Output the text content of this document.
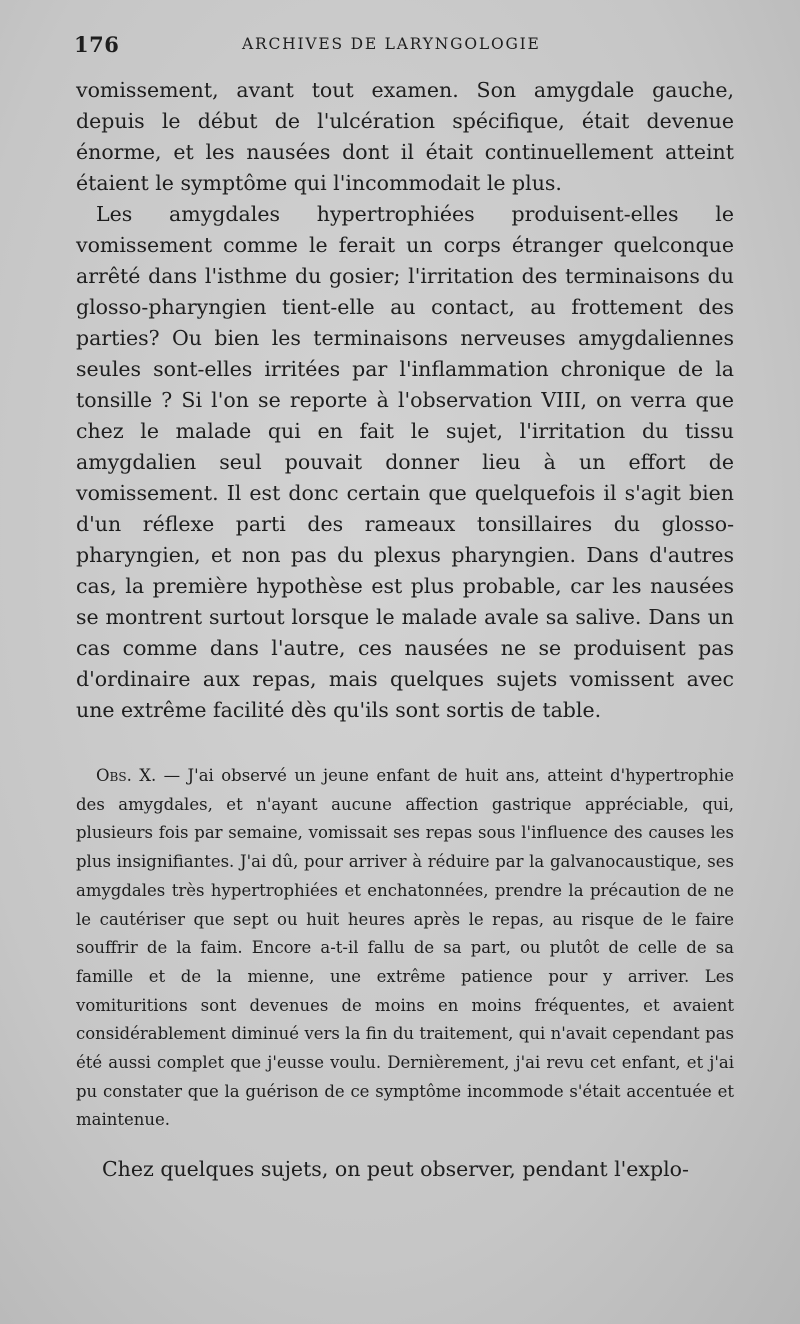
176	ARCHIVES DE LARYNGOLOGIE

vomissement, avant tout examen. Son amygdale gauche, depuis le début de l'ulcération spécifique, était devenue énorme, et les nausées dont il était continuellement atteint étaient le symptôme qui l'incommodait le plus.

Les amygdales hypertrophiées produisent-elles le vomissement comme le ferait un corps étranger quelconque arrêté dans l'isthme du gosier; l'irritation des terminaisons du glosso-pharyngien tient-elle au contact, au frottement des parties? Ou bien les terminaisons nerveuses amygdaliennes seules sont-elles irritées par l'inflammation chronique de la tonsille ? Si l'on se reporte à l'observation VIII, on verra que chez le malade qui en fait le sujet, l'irritation du tissu amygdalien seul pouvait donner lieu à un effort de vomissement. Il est donc certain que quelquefois il s'agit bien d'un réflexe parti des rameaux tonsillaires du glosso-pharyngien, et non pas du plexus pharyngien. Dans d'autres cas, la première hypothèse est plus probable, car les nausées se montrent surtout lorsque le malade avale sa salive. Dans un cas comme dans l'autre, ces nausées ne se produisent pas d'ordinaire aux repas, mais quelques sujets vomissent avec une extrême facilité dès qu'ils sont sortis de table.

Obs. X. — J'ai observé un jeune enfant de huit ans, atteint d'hypertrophie des amygdales, et n'ayant aucune affection gastrique appréciable, qui, plusieurs fois par semaine, vomissait ses repas sous l'influence des causes les plus insignifiantes. J'ai dû, pour arriver à réduire par la galvanocaustique, ses amygdales très hypertrophiées et enchatonnées, prendre la précaution de ne le cautériser que sept ou huit heures après le repas, au risque de le faire souffrir de la faim. Encore a-t-il fallu de sa part, ou plutôt de celle de sa famille et de la mienne, une extrême patience pour y arriver. Les vomituritions sont devenues de moins en moins fréquentes, et avaient considérablement diminué vers la fin du traitement, qui n'avait cependant pas été aussi complet que j'eusse voulu. Dernièrement, j'ai revu cet enfant, et j'ai pu constater que la guérison de ce symptôme incommode s'était accentuée et maintenue.

Chez quelques sujets, on peut observer, pendant l'explo-
